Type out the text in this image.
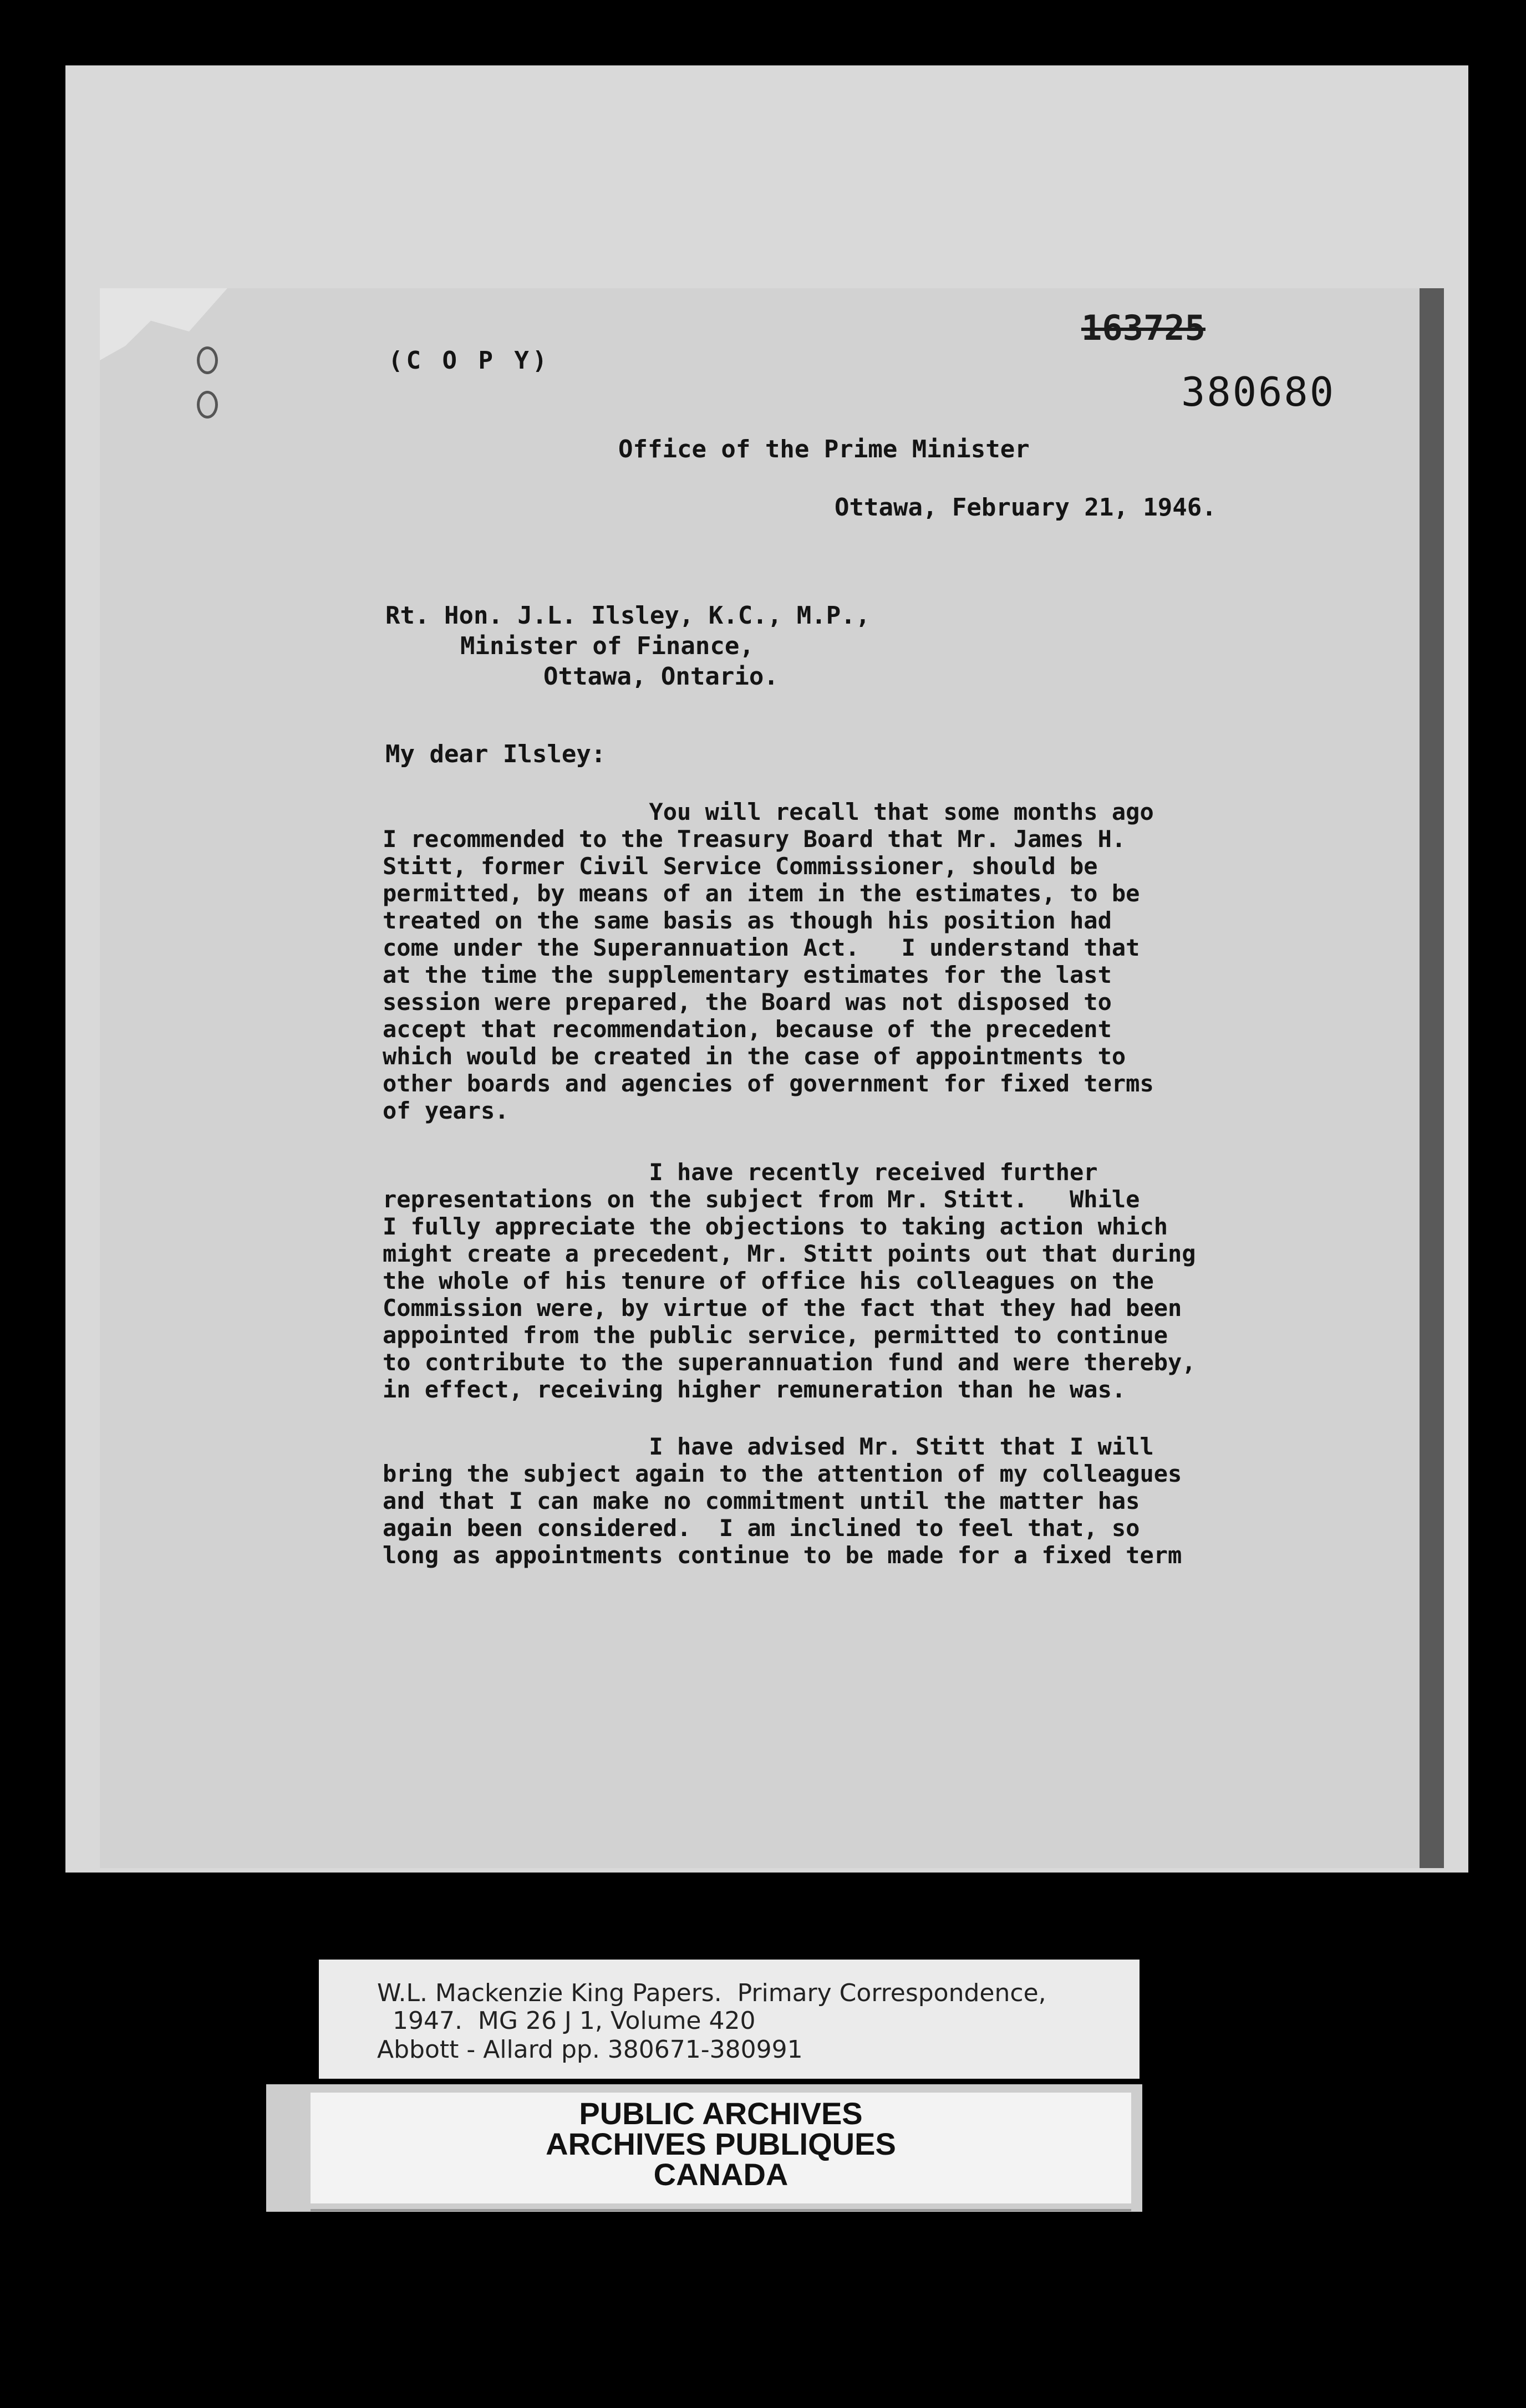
(C O P Y)
163725
380680
Office of the Prime Minister
Ottawa, February 21, 1946.
Rt. Hon. J.L. Ilsley, K.C., M.P.,
Minister of Finance,
Ottawa, Ontario.
My dear Ilsley:
You will recall that some months ago
I recommended to the Treasury Board that Mr. James H.
Stitt, former Civil Service Commissioner, should be
permitted, by means of an item in the estimates, to be
treated on the same basis as though his position had
come under the Superannuation Act.   I understand that
at the time the supplementary estimates for the last
session were prepared, the Board was not disposed to
accept that recommendation, because of the precedent
which would be created in the case of appointments to
other boards and agencies of government for fixed terms
of years.
I have recently received further
representations on the subject from Mr. Stitt.   While
I fully appreciate the objections to taking action which
might create a precedent, Mr. Stitt points out that during
the whole of his tenure of office his colleagues on the
Commission were, by virtue of the fact that they had been
appointed from the public service, permitted to continue
to contribute to the superannuation fund and were thereby,
in effect, receiving higher remuneration than he was.
I have advised Mr. Stitt that I will
bring the subject again to the attention of my colleagues
and that I can make no commitment until the matter has
again been considered.  I am inclined to feel that, so
long as appointments continue to be made for a fixed term
W.L. Mackenzie King Papers.  Primary Correspondence,
1947.  MG 26 J 1, Volume 420
Abbott - Allard pp. 380671-380991
PUBLIC ARCHIVES
ARCHIVES PUBLIQUES
CANADA
